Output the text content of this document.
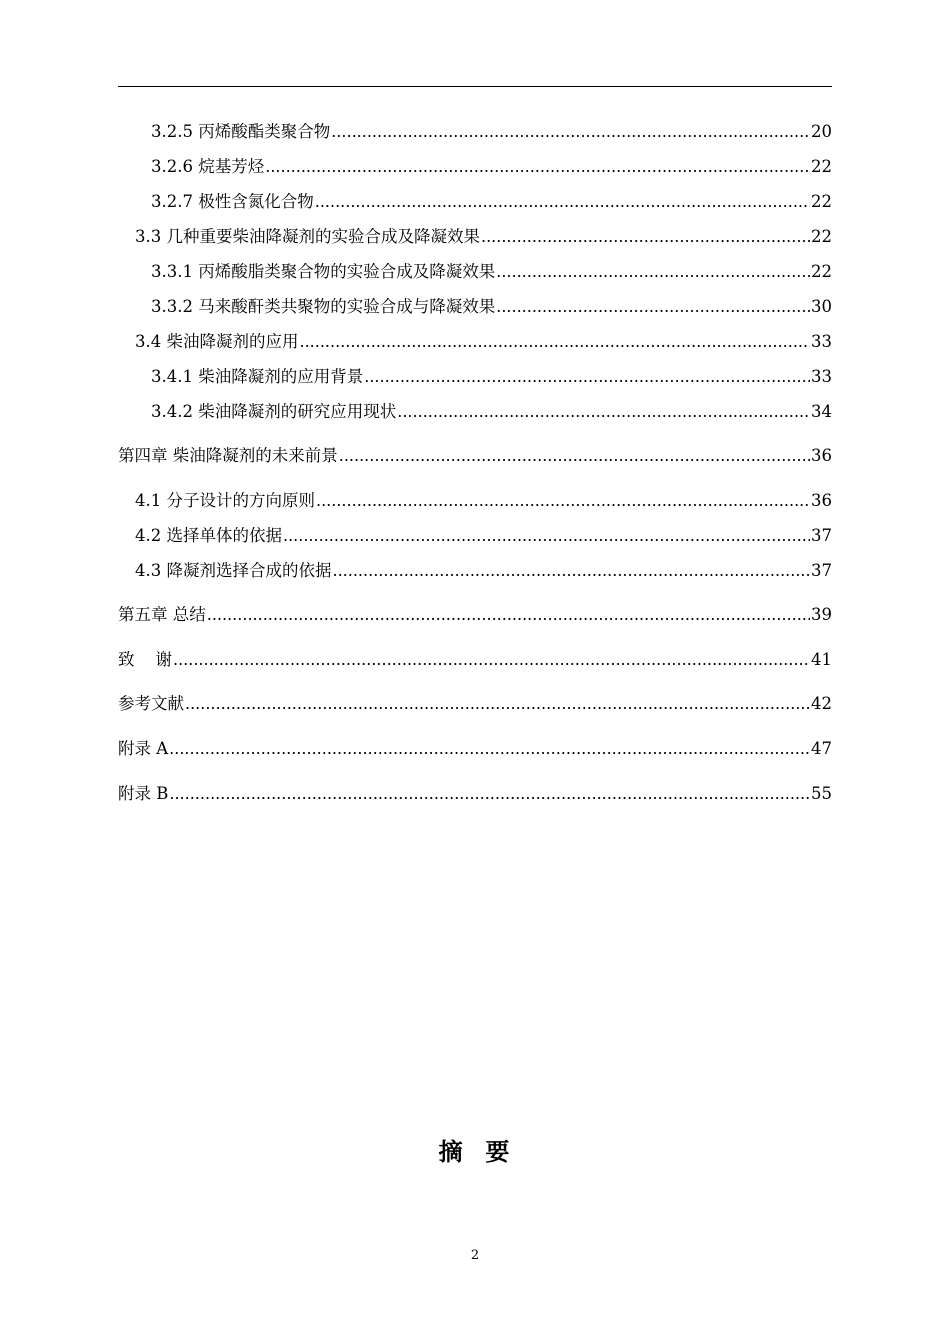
3.2.5 丙烯酸酯类聚合物 .....	20
3.2.6 烷基芳烃 .....	22
3.2.7 极性含氮化合物 .....	22
3.3 几种重要柴油降凝剂的实验合成及降凝效果 .....	22
3.3.1 丙烯酸脂类聚合物的实验合成及降凝效果 .....	22
3.3.2 马来酸酐类共聚物的实验合成与降凝效果 .....	30
3.4 柴油降凝剂的应用 .....	33
3.4.1 柴油降凝剂的应用背景 .....	33
3.4.2 柴油降凝剂的研究应用现状 .....	34
第四章 柴油降凝剂的未来前景 .....	36
4.1 分子设计的方向原则 .....	36
4.2 选择单体的依据 .....	37
4.3 降凝剂选择合成的依据 .....	37
第五章 总结 .....	39
致    谢 .....	41
参考文献 .....	42
附录 A .....	47
附录 B .....	55
摘  要
2
